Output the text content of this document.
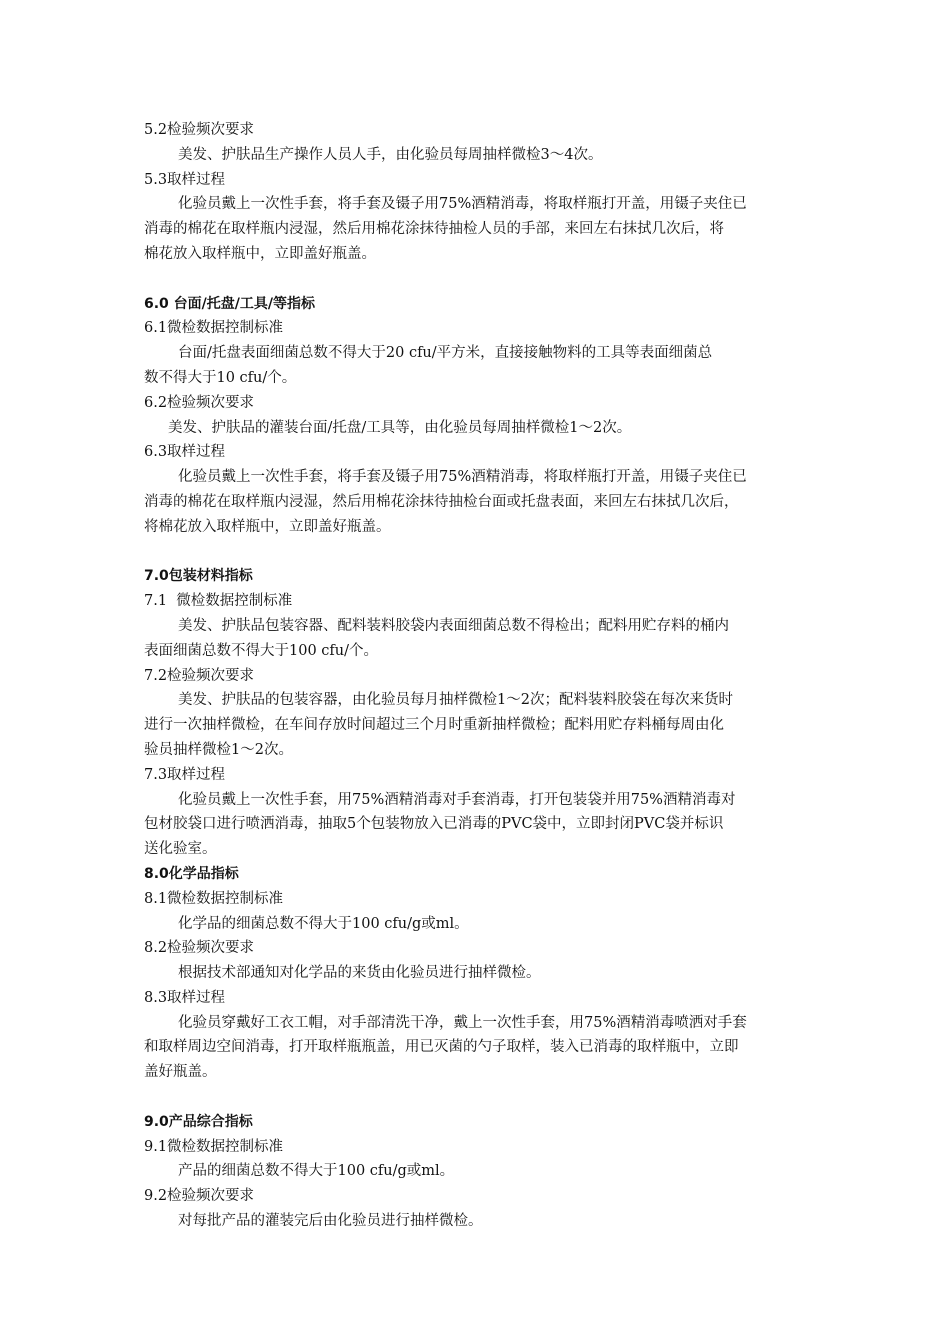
5.2检验频次要求
美发、护肤品生产操作人员人手，由化验员每周抽样微检3～4次。
5.3取样过程
化验员戴上一次性手套，将手套及镊子用75%酒精消毒，将取样瓶打开盖，用镊子夹住已
消毒的棉花在取样瓶内浸湿，然后用棉花涂抹待抽检人员的手部，来回左右抹拭几次后，将
棉花放入取样瓶中，立即盖好瓶盖。
6.0 台面/托盘/工具/等指标
6.1微检数据控制标准
台面/托盘表面细菌总数不得大于20 cfu/平方米，直接接触物料的工具等表面细菌总
数不得大于10 cfu/个。
6.2检验频次要求
美发、护肤品的灌装台面/托盘/工具等，由化验员每周抽样微检1～2次。
6.3取样过程
化验员戴上一次性手套，将手套及镊子用75%酒精消毒，将取样瓶打开盖，用镊子夹住已
消毒的棉花在取样瓶内浸湿，然后用棉花涂抹待抽检台面或托盘表面，来回左右抹拭几次后，
将棉花放入取样瓶中，立即盖好瓶盖。
7.0包装材料指标
7.1  微检数据控制标准
美发、护肤品包装容器、配料装料胶袋内表面细菌总数不得检出；配料用贮存料的桶内
表面细菌总数不得大于100 cfu/个。
7.2检验频次要求
美发、护肤品的包装容器，由化验员每月抽样微检1～2次；配料装料胶袋在每次来货时
进行一次抽样微检，在车间存放时间超过三个月时重新抽样微检；配料用贮存料桶每周由化
验员抽样微检1～2次。
7.3取样过程
化验员戴上一次性手套，用75%酒精消毒对手套消毒，打开包装袋并用75%酒精消毒对
包材胶袋口进行喷洒消毒，抽取5个包装物放入已消毒的PVC袋中，立即封闭PVC袋并标识
送化验室。
8.0化学品指标
8.1微检数据控制标准
化学品的细菌总数不得大于100 cfu/g或ml。
8.2检验频次要求
根据技术部通知对化学品的来货由化验员进行抽样微检。
8.3取样过程
化验员穿戴好工衣工帽，对手部清洗干净，戴上一次性手套，用75%酒精消毒喷洒对手套
和取样周边空间消毒，打开取样瓶瓶盖，用已灭菌的勺子取样，装入已消毒的取样瓶中，立即
盖好瓶盖。
9.0产品综合指标
9.1微检数据控制标准
产品的细菌总数不得大于100 cfu/g或ml。
9.2检验频次要求
对每批产品的灌装完后由化验员进行抽样微检。
